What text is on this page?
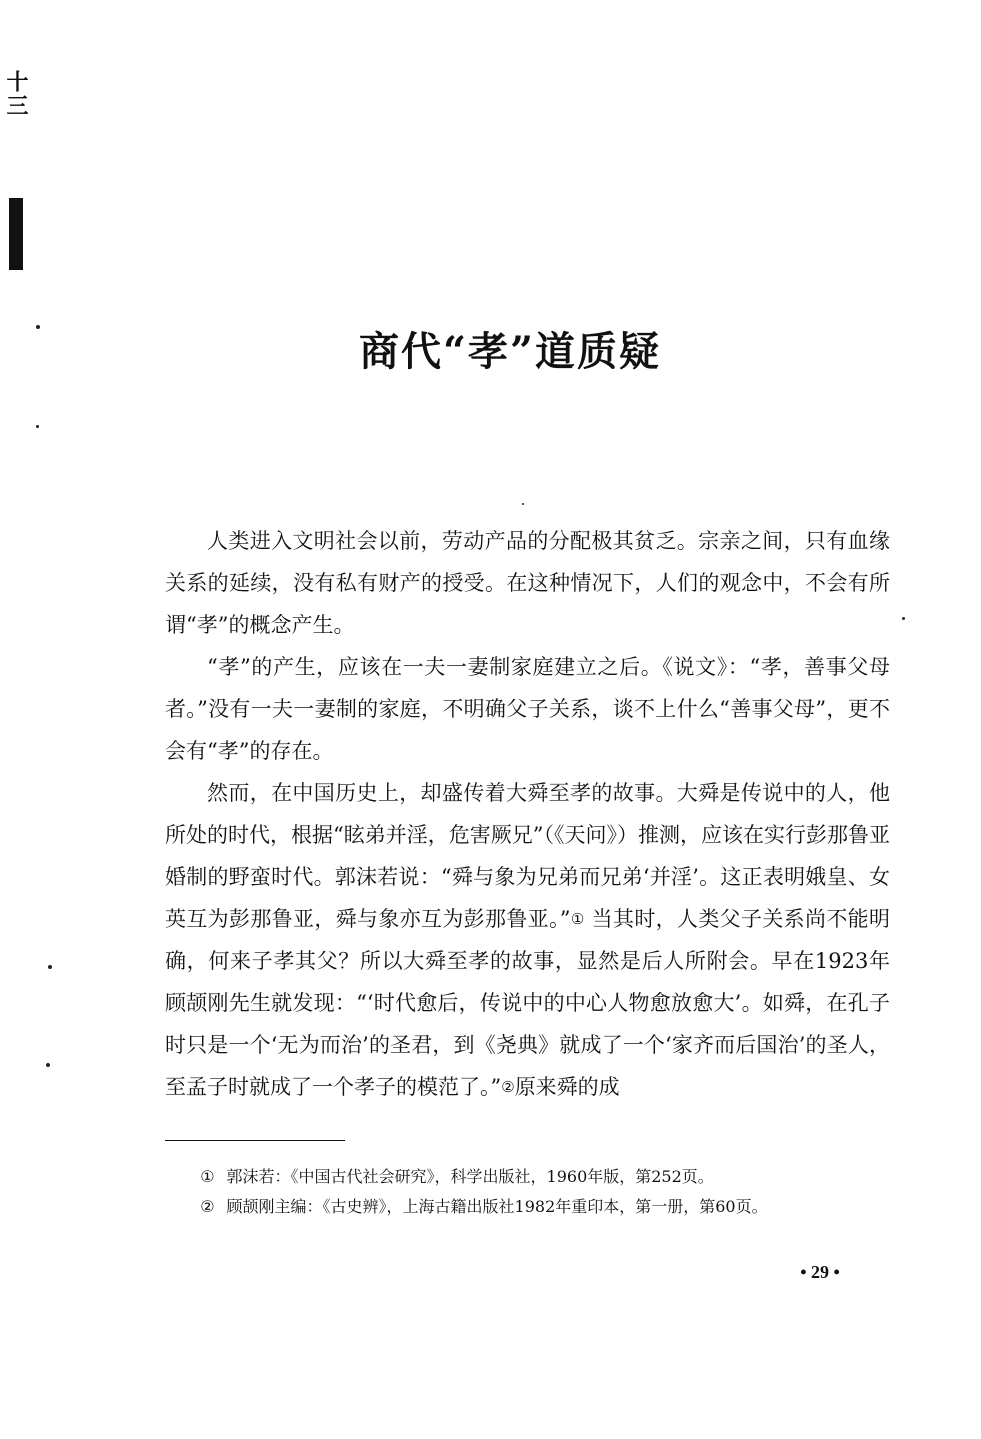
十三
商代“孝”道质疑

人类进入文明社会以前，劳动产品的分配极其贫乏。宗亲之间，只有血缘关系的延续，没有私有财产的授受。在这种情况下，人们的观念中，不会有所谓“孝”的概念产生。

“孝”的产生，应该在一夫一妻制家庭建立之后。《说文》：“孝，善事父母者。”没有一夫一妻制的家庭，不明确父子关系，谈不上什么“善事父母”，更不会有“孝”的存在。

然而，在中国历史上，却盛传着大舜至孝的故事。大舜是传说中的人，他所处的时代，根据“眩弟并淫，危害厥兄”（《天问》）推测，应该在实行彭那鲁亚婚制的野蛮时代。郭沫若说：“舜与象为兄弟而兄弟‘并淫’。这正表明娥皇、女英互为彭那鲁亚，舜与象亦互为彭那鲁亚。”① 当其时，人类父子关系尚不能明确，何来子孝其父？所以大舜至孝的故事，显然是后人所附会。早在1923年顾颉刚先生就发现：“‘时代愈后，传说中的中心人物愈放愈大’。如舜，在孔子时只是一个‘无为而治’的圣君，到《尧典》就成了一个‘家齐而后国治’的圣人，至孟子时就成了一个孝子的模范了。”②原来舜的成

① 郭沫若：《中国古代社会研究》，科学出版社，1960年版，第252页。

② 顾颉刚主编：《古史辨》，上海古籍出版社1982年重印本，第一册，第60页。

• 29 •
